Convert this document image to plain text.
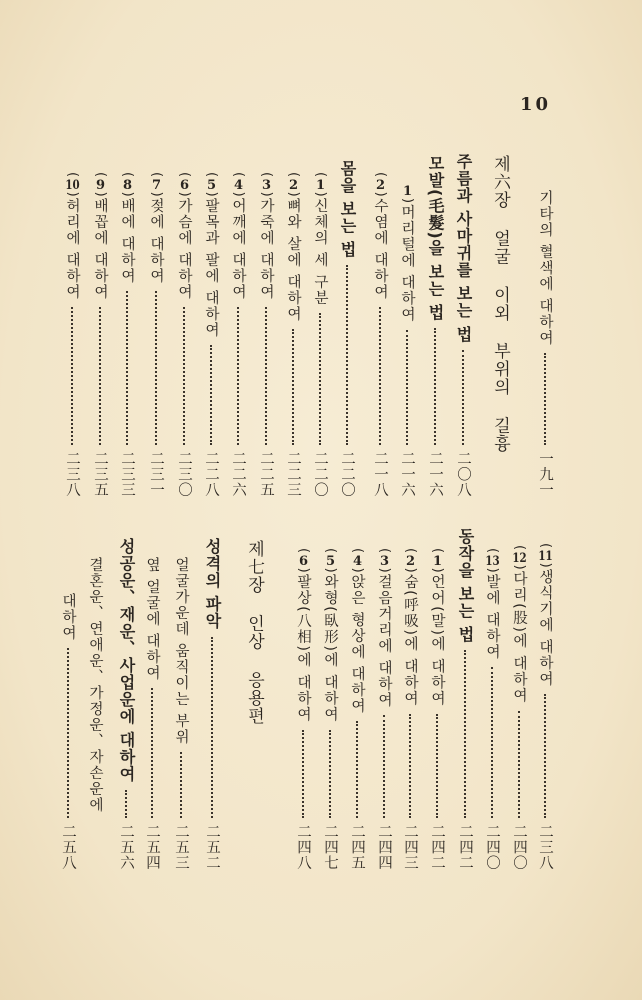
10
기타의 혈색에 대하여
一九一
제六장 얼굴 이외 부위의 길흉
주름과 사마귀를 보는 법
二〇八
모발(毛髮)을 보는 법
二一六
1)머리털에 대하여
二一六
(2)수염에 대하여
二一八
몸을 보는 법
二二〇
(1)신체의 세 구분
二二〇
(2)뼈와 살에 대하여
二二三
(3)가죽에 대하여
二二五
(4)어깨에 대하여
二二六
(5)팔목과 팔에 대하여
二二八
(6)가슴에 대하여
二三〇
(7)젖에 대하여
二三一
(8)배에 대하여
二三三
(9)배꼽에 대하여
二三五
(10)허리에 대하여
二三八
(11)생식기에 대하여
二三八
(12)다리(股)에 대하여
二四〇
(13)발에 대하여
二四〇
동작을 보는 법
二四二
(1)언어(말)에 대하여
二四二
(2)숨(呼吸)에 대하여
二四三
(3)걸음거리에 대하여
二四四
(4)앉은 형상에 대하여
二四五
(5)와형(臥形)에 대하여
二四七
(6)팔상(八相)에 대하여
二四八
제七장 인상 응용편
성격의 파악
二五二
얼굴가운데 움직이는 부위
二五三
옆 얼굴에 대하여
二五四
성공운、재운、사업운에 대하여
二五六
결혼운、연애운、가정운、자손운에
대하여
二五八
